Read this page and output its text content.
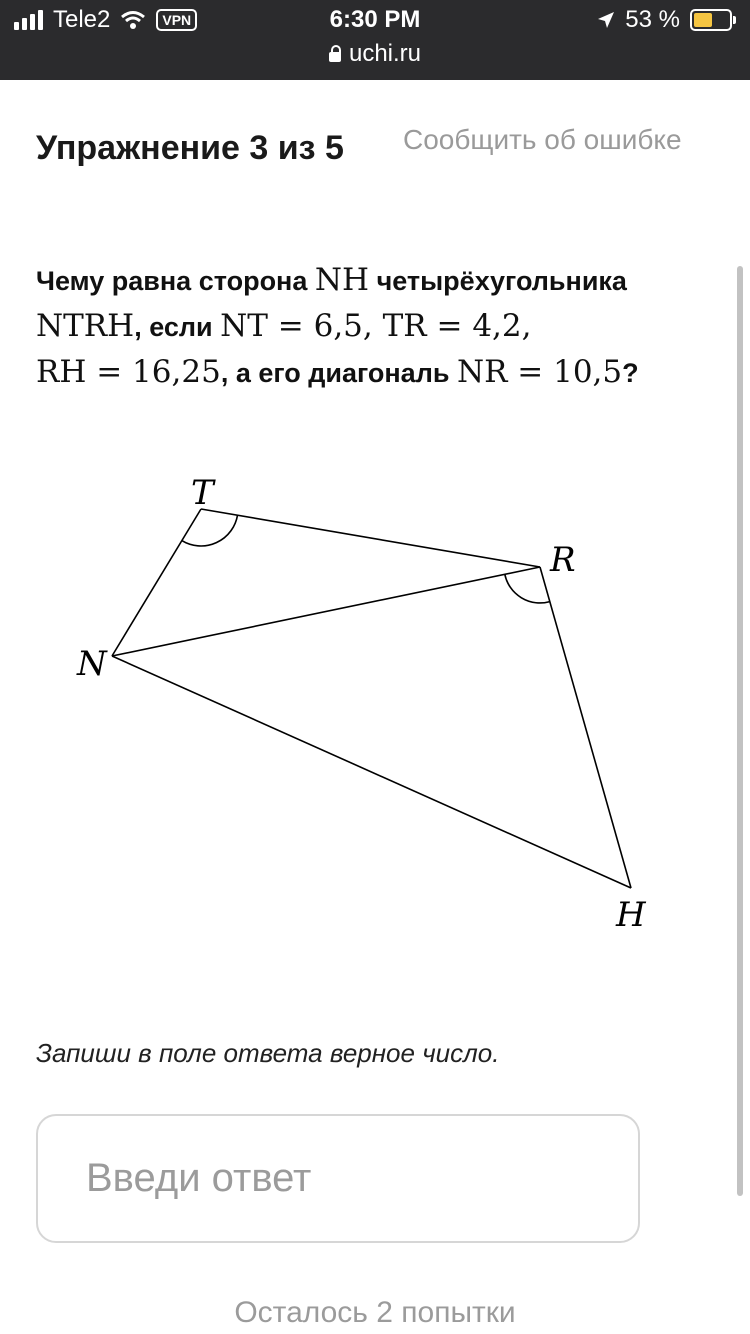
Tele2	VPN	6:30 PM	53 %
uchi.ru
Упражнение 3 из 5	Сообщить об ошибке
Чему равна сторона NH четырёхугольника
NTRH, если NT = 6,5, TR = 4,2,
RH = 16,25, а его диагональ NR = 10,5?
T
R
N
H
Запиши в поле ответа верное число.
Введи ответ
Осталось 2 попытки
